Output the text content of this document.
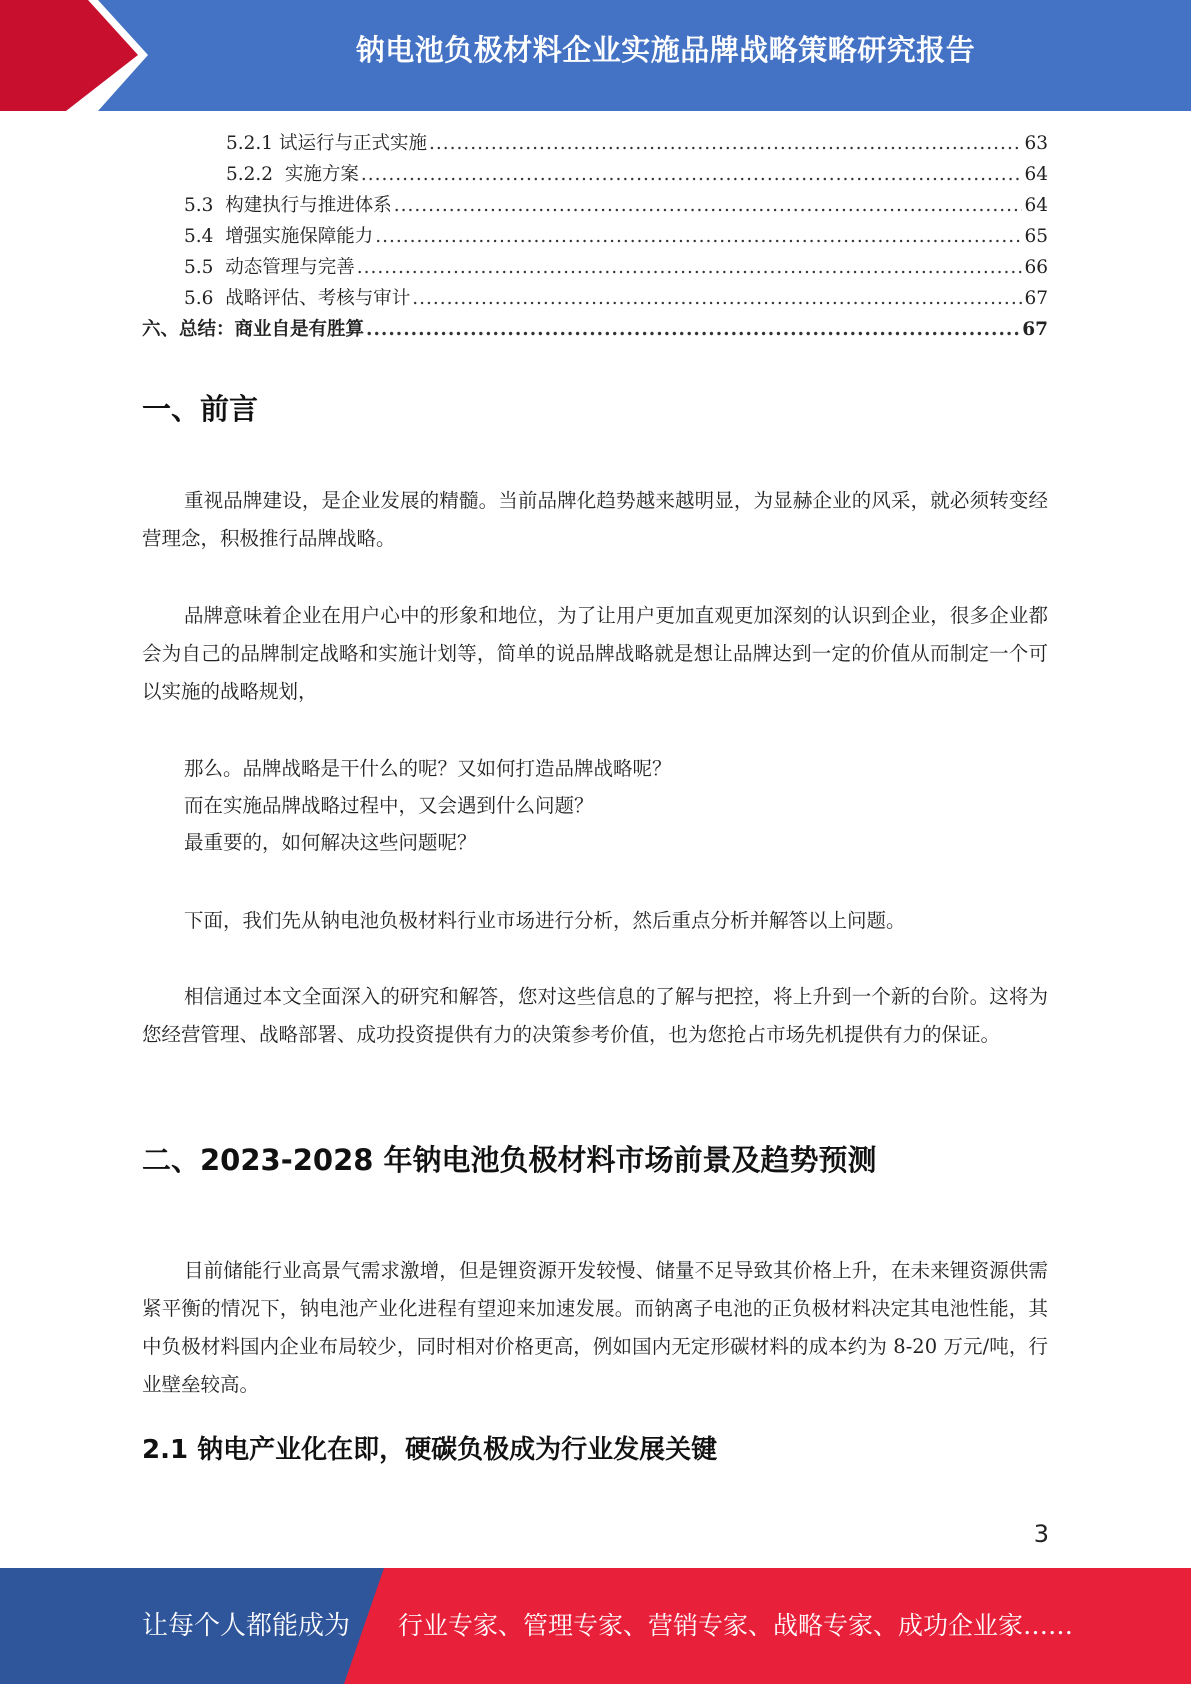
钠电池负极材料企业实施品牌战略策略研究报告
5.2.1 试运行与正式实施 .....	63
5.2.2 实施方案 .....	64
5.3 构建执行与推进体系 .....	64
5.4 增强实施保障能力 .....	65
5.5 动态管理与完善 .....	66
5.6 战略评估、考核与审计 .....	67
六、总结：商业自是有胜算 .....	67
一、前言

重视品牌建设，是企业发展的精髓。当前品牌化趋势越来越明显，为显赫企业的风采，就必须转变经营理念，积极推行品牌战略。

品牌意味着企业在用户心中的形象和地位，为了让用户更加直观更加深刻的认识到企业，很多企业都会为自己的品牌制定战略和实施计划等，简单的说品牌战略就是想让品牌达到一定的价值从而制定一个可以实施的战略规划，

那么。品牌战略是干什么的呢？又如何打造品牌战略呢？

而在实施品牌战略过程中，又会遇到什么问题？

最重要的，如何解决这些问题呢？

下面，我们先从钠电池负极材料行业市场进行分析，然后重点分析并解答以上问题。

相信通过本文全面深入的研究和解答，您对这些信息的了解与把控，将上升到一个新的台阶。这将为您经营管理、战略部署、成功投资提供有力的决策参考价值，也为您抢占市场先机提供有力的保证。

二、2023-2028 年钠电池负极材料市场前景及趋势预测

目前储能行业高景气需求激增，但是锂资源开发较慢、储量不足导致其价格上升，在未来锂资源供需紧平衡的情况下，钠电池产业化进程有望迎来加速发展。而钠离子电池的正负极材料决定其电池性能，其中负极材料国内企业布局较少，同时相对价格更高，例如国内无定形碳材料的成本约为 8-20 万元/吨，行业壁垒较高。

2.1 钠电产业化在即，硬碳负极成为行业发展关键
3
让每个人都能成为 行业专家、管理专家、营销专家、战略专家、成功企业家……
